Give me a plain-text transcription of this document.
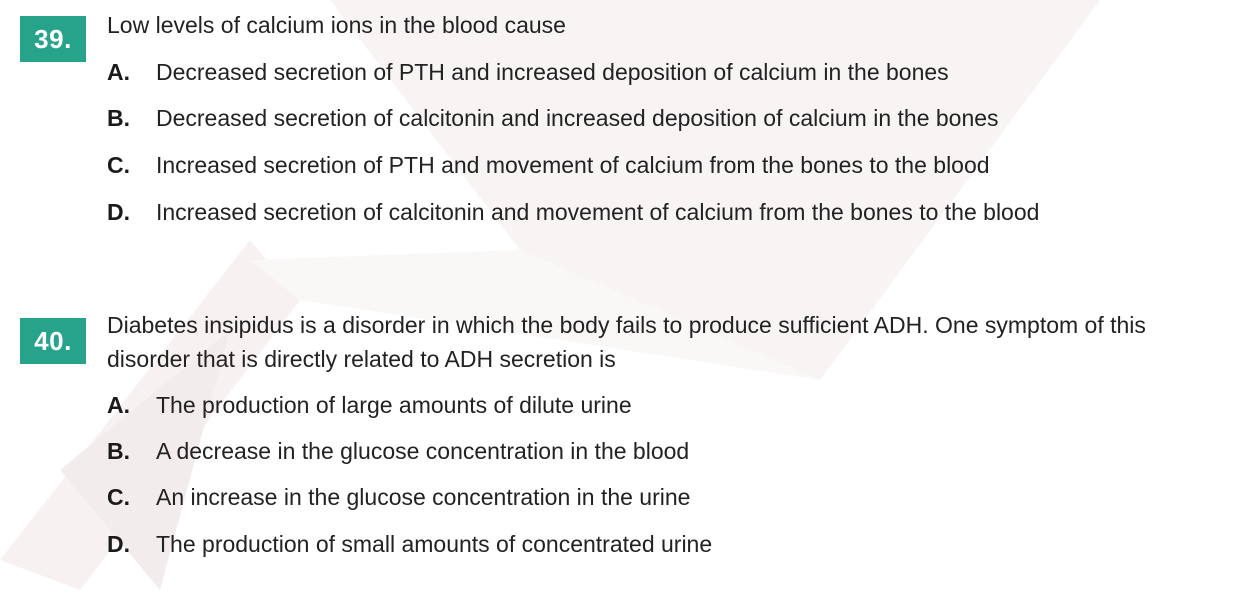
39.	Low levels of calcium ions in the blood cause
A. Decreased secretion of PTH and increased deposition of calcium in the bones
B. Decreased secretion of calcitonin and increased deposition of calcium in the bones
C. Increased secretion of PTH and movement of calcium from the bones to the blood
D. Increased secretion of calcitonin and movement of calcium from the bones to the blood
40.
Diabetes insipidus is a disorder in which the body fails to produce sufficient ADH. One symptom of this disorder that is directly related to ADH secretion is
A. The production of large amounts of dilute urine
B. A decrease in the glucose concentration in the blood
C. An increase in the glucose concentration in the urine
D. The production of small amounts of concentrated urine
